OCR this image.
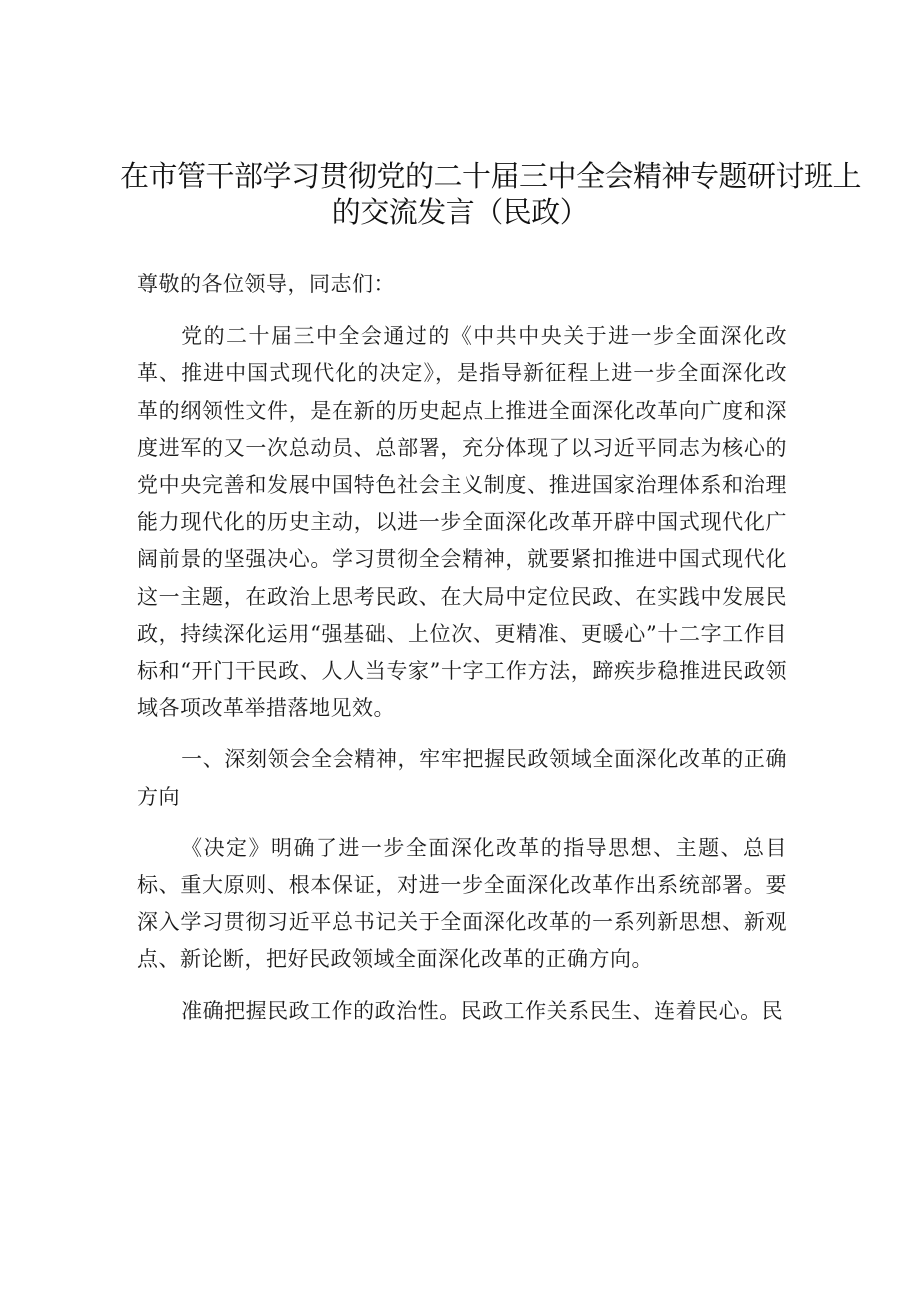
在市管干部学习贯彻党的二十届三中全会精神专题研讨班上
的交流发言（民政）

尊敬的各位领导，同志们：

党的二十届三中全会通过的《中共中央关于进一步全面深化改革、推进中国式现代化的决定》，是指导新征程上进一步全面深化改革的纲领性文件，是在新的历史起点上推进全面深化改革向广度和深度进军的又一次总动员、总部署，充分体现了以习近平同志为核心的党中央完善和发展中国特色社会主义制度、推进国家治理体系和治理能力现代化的历史主动，以进一步全面深化改革开辟中国式现代化广阔前景的坚强决心。学习贯彻全会精神，就要紧扣推进中国式现代化这一主题，在政治上思考民政、在大局中定位民政、在实践中发展民政，持续深化运用“强基础、上位次、更精准、更暖心”十二字工作目标和“开门干民政、人人当专家”十字工作方法，蹄疾步稳推进民政领域各项改革举措落地见效。

一、深刻领会全会精神，牢牢把握民政领域全面深化改革的正确方向

《决定》明确了进一步全面深化改革的指导思想、主题、总目标、重大原则、根本保证，对进一步全面深化改革作出系统部署。要深入学习贯彻习近平总书记关于全面深化改革的一系列新思想、新观点、新论断，把好民政领域全面深化改革的正确方向。

准确把握民政工作的政治性。民政工作关系民生、连着民心。民
